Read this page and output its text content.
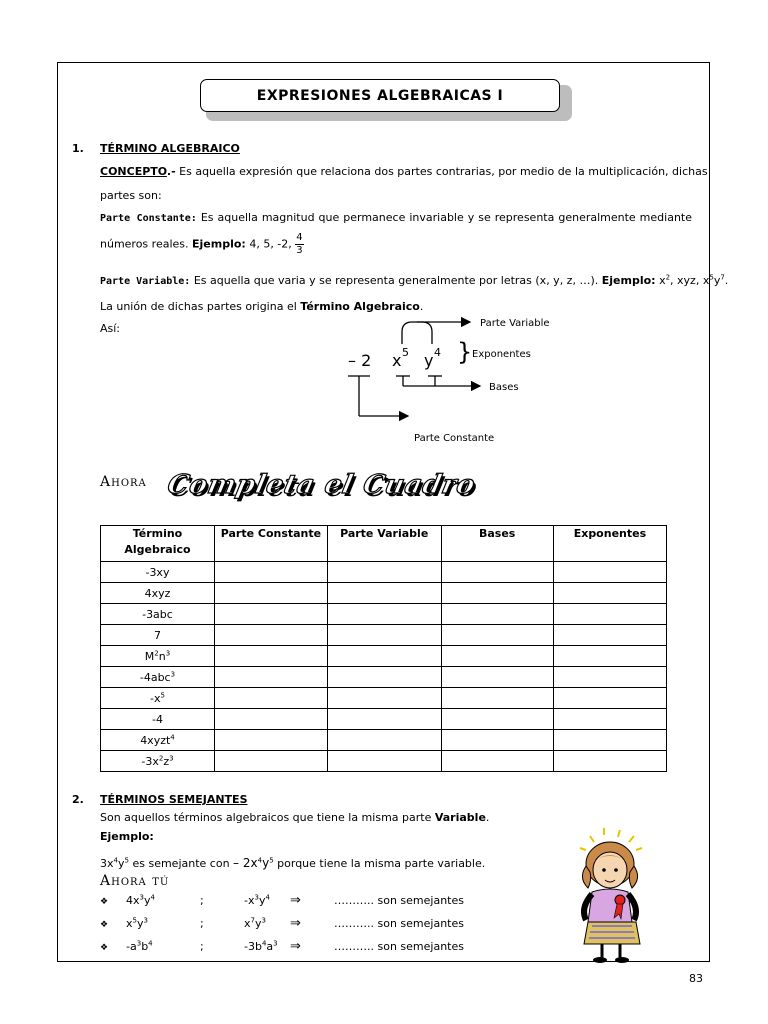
EXPRESIONES ALGEBRAICAS I
1. TÉRMINO ALGEBRAICO
CONCEPTO.- Es aquella expresión que relaciona dos partes contrarias, por medio de la multiplicación, dichas
partes son:
Parte Constante: Es aquella magnitud que permanece invariable y se representa generalmente mediante
números reales. Ejemplo: 4, 5, -2, $\frac{4}{3}$
Parte Variable: Es aquella que varia y se representa generalmente por letras (x, y, z, …). Ejemplo: $x^2$, xyz, $x^5y^7$.
La unión de dichas partes origina el Término Algebraico.
Así:
– 2 x 5 y 4
Parte Variable
} Exponentes
Parte Constante
Bases
Ahora Completa el Cuadro
Término Algebraico	Parte Constante	Parte Variable	Bases	Exponentes
-3xy				
4xyz				
-3abc				
7				
$M^2n^3$				
-4abc$^3$				
$-x^5$				
-4				
4xyzt$^4$				
$-3x^2z^3$				
2. TÉRMINOS SEMEJANTES
Son aquellos términos algebraicos que tiene la misma parte Variable.
Ejemplo:
$3x^4y^5$ es semejante con – $2x^4y^5$ porque tiene la misma parte variable.
Ahora tú
❖ $4x^3y^4$	;	$-x^3y^4$ ⇒	……….. son semejantes
❖ $x^5y^3$	;	$x^7y^3$ ⇒	……….. son semejantes
❖ $-a^3b^4$	;	$-3b^4a^3$ ⇒	……….. son semejantes
83
